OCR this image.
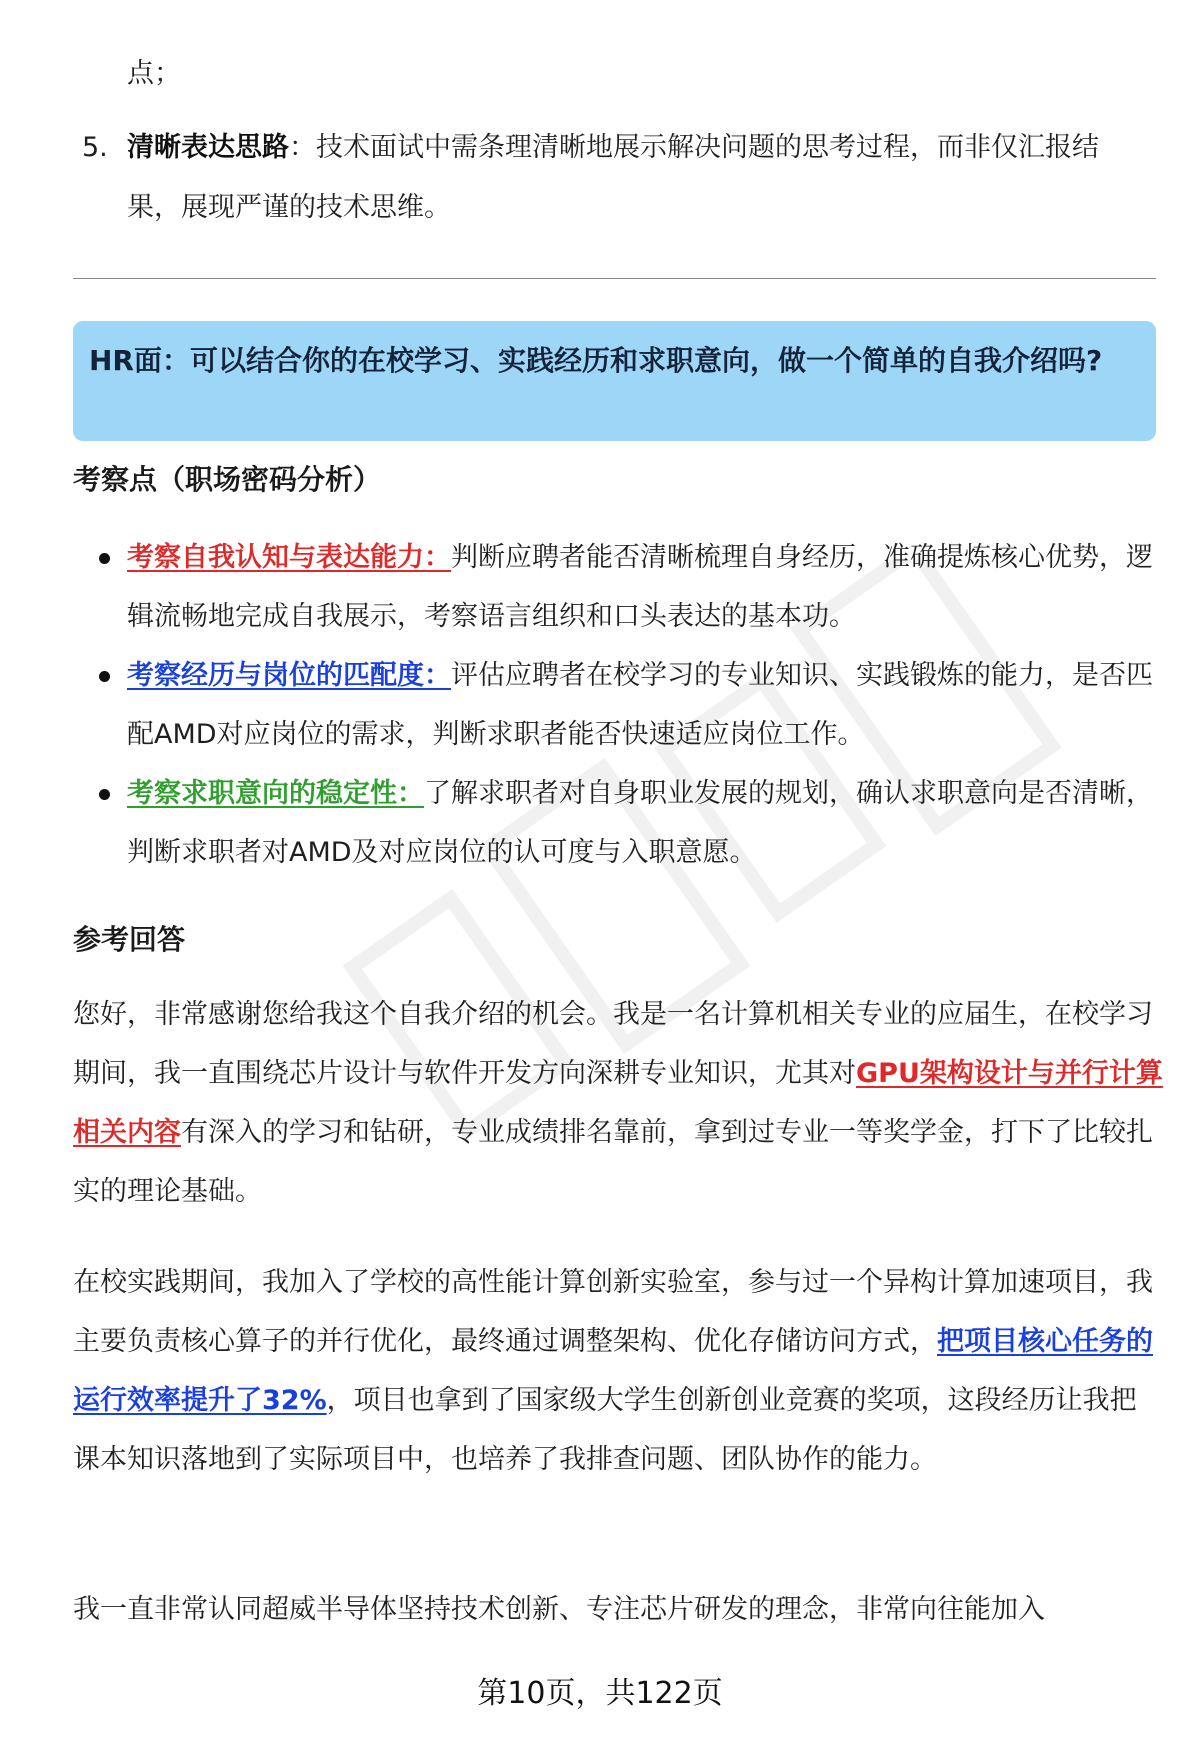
点；
5. 清晰表达思路：技术面试中需条理清晰地展示解决问题的思考过程，而非仅汇报结果，展现严谨的技术思维。
HR面：可以结合你的在校学习、实践经历和求职意向，做一个简单的自我介绍吗?
考察点（职场密码分析）
考察自我认知与表达能力：判断应聘者能否清晰梳理自身经历，准确提炼核心优势，逻辑流畅地完成自我展示，考察语言组织和口头表达的基本功。
考察经历与岗位的匹配度：评估应聘者在校学习的专业知识、实践锻炼的能力，是否匹配AMD对应岗位的需求，判断求职者能否快速适应岗位工作。
考察求职意向的稳定性：了解求职者对自身职业发展的规划，确认求职意向是否清晰，判断求职者对AMD及对应岗位的认可度与入职意愿。
参考回答

您好，非常感谢您给我这个自我介绍的机会。我是一名计算机相关专业的应届生，在校学习期间，我一直围绕芯片设计与软件开发方向深耕专业知识，尤其对GPU架构设计与并行计算相关内容有深入的学习和钻研，专业成绩排名靠前，拿到过专业一等奖学金，打下了比较扎实的理论基础。

在校实践期间，我加入了学校的高性能计算创新实验室，参与过一个异构计算加速项目，我主要负责核心算子的并行优化，最终通过调整架构、优化存储访问方式，把项目核心任务的运行效率提升了32%，项目也拿到了国家级大学生创新创业竞赛的奖项，这段经历让我把课本知识落地到了实际项目中，也培养了我排查问题、团队协作的能力。

我一直非常认同超威半导体坚持技术创新、专注芯片研发的理念，非常向往能加入

第10页，共122页
